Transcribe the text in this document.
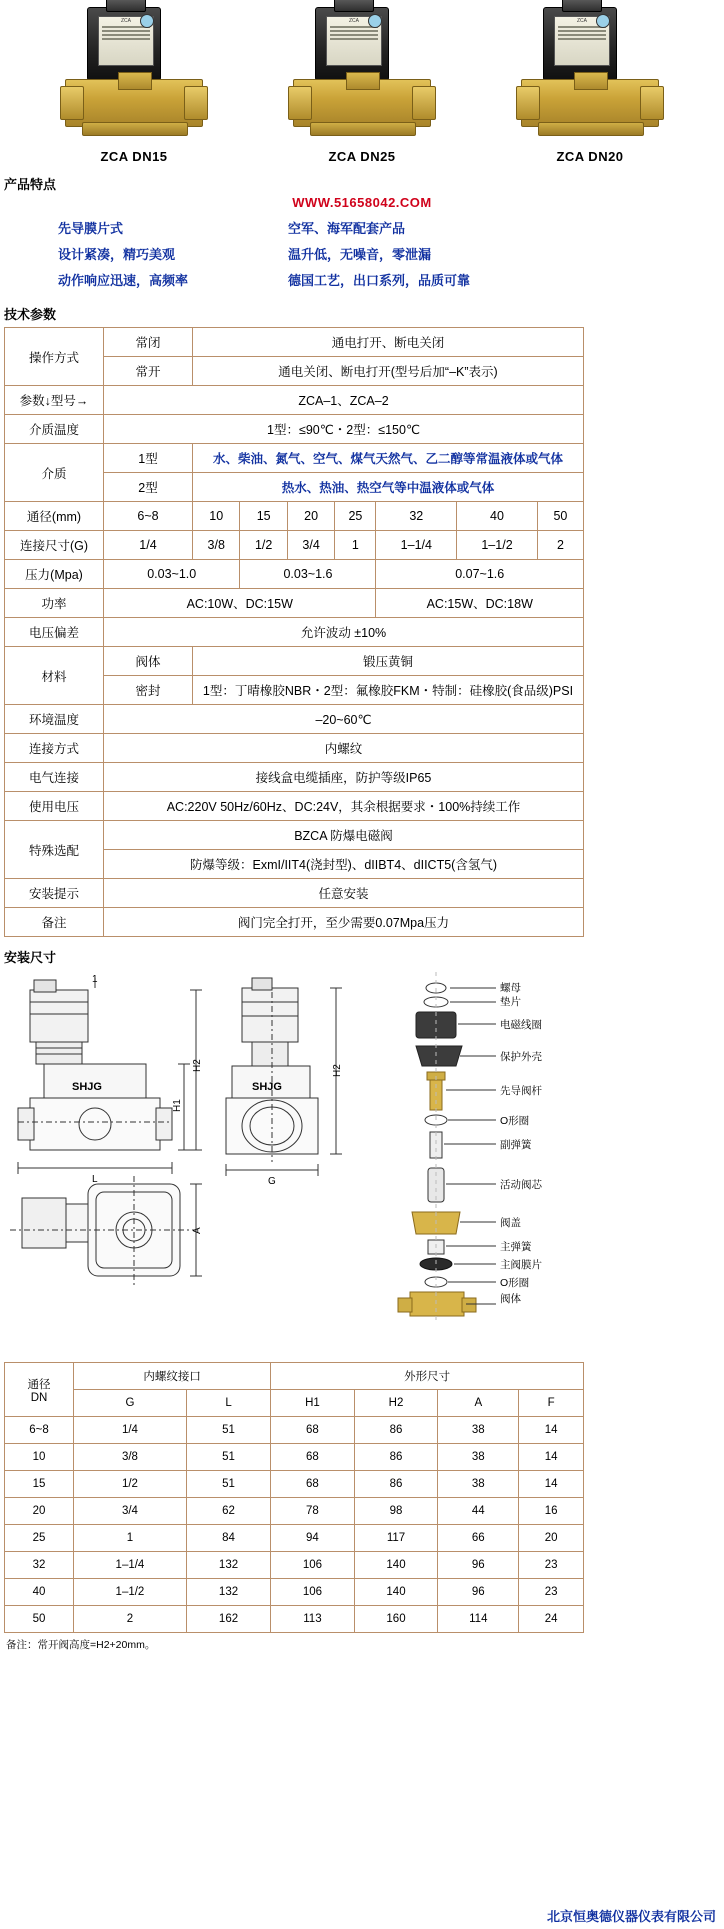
ZCA	ZCA	ZCA
ZCA DN15	ZCA DN25	ZCA DN20
产品特点
WWW.51658042.COM
先导膜片式
设计紧凑，精巧美观
动作响应迅速，高频率
空军、海军配套产品
温升低，无噪音，零泄漏
德国工艺，出口系列，品质可靠
技术参数
操作方式	常闭	通电打开、断电关闭						
	常开	通电关闭、断电打开(型号后加“–K”表示)						
参数↓型号→	ZCA–1、ZCA–2							
介质温度	1型：≤90℃・2型：≤150℃							
介质	1型	水、柴油、氮气、空气、煤气天然气、乙二醇等常温液体或气体						
	2型	热水、热油、热空气等中温液体或气体						
通径(mm)	6~8	10	15	20	25	32	40	50
连接尺寸(G)	1/4	3/8	1/2	3/4	1	1–1/4	1–1/2	2
压力(Mpa)	0.03~1.0		0.03~1.6			0.07~1.6		
功率	AC:10W、DC:15W					AC:15W、DC:18W		
电压偏差	允许波动 ±10%							
材料	阀体	锻压黄铜						
	密封	1型：丁晴橡胶NBR・2型：氟橡胶FKM・特制：硅橡胶(食品级)PSI						
环境温度	–20~60℃							
连接方式	内螺纹							
电气连接	接线盒电缆插座，防护等级IP65							
使用电压	AC:220V 50Hz/60Hz、DC:24V，其余根据要求・100%持续工作							
特殊选配	BZCA 防爆电磁阀							
	防爆等级：ExmI/IIT4(浇封型)、dIIBT4、dIICT5(含氢气)							
安装提示	任意安装							
备注	阀门完全打开，至少需要0.07Mpa压力							
安装尺寸
L
H2
H1
G
H2
A
1
螺母
垫片
电磁线圈
保护外壳
先导阀杆
O形圈
副弹簧
活动阀芯
阀盖
主弹簧
主阀膜片
O形圈
阀体
SHJG	SHJG
通径
DN	内螺纹接口		外形尺寸			
	G	L	H1	H2	A	F
6~8	1/4	51	68	86	38	14
10	3/8	51	68	86	38	14
15	1/2	51	68	86	38	14
20	3/4	62	78	98	44	16
25	1	84	94	117	66	20
32	1–1/4	132	106	140	96	23
40	1–1/2	132	106	140	96	23
50	2	162	113	160	114	24
备注：常开阀高度=H2+20mm。
北京恒奥德仪器仪表有限公司
